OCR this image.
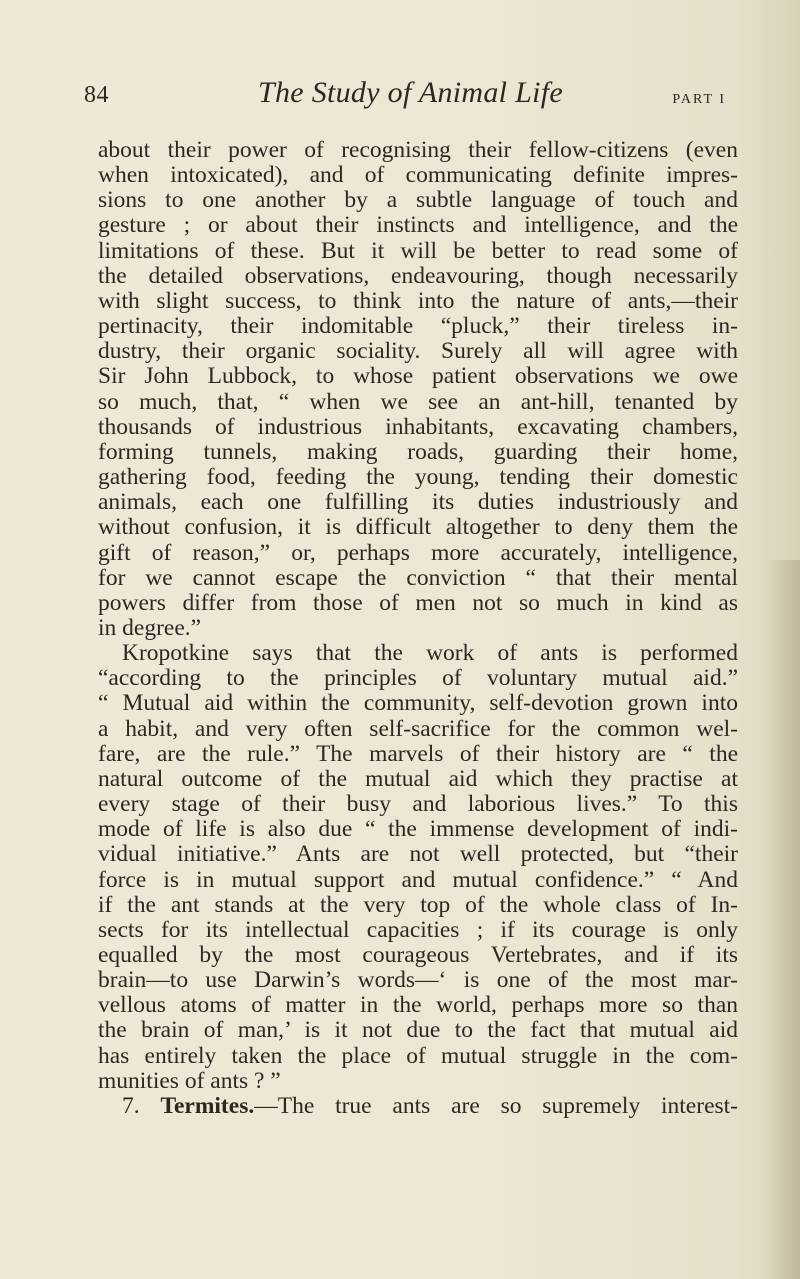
84	The Study of Animal Life	PART I
about their power of recognising their fellow-citizens (even
when intoxicated), and of communicating definite impres-
sions to one another by a subtle language of touch and
gesture ; or about their instincts and intelligence, and the
limitations of these. But it will be better to read some of
the detailed observations, endeavouring, though necessarily
with slight success, to think into the nature of ants,—their
pertinacity, their indomitable “pluck,” their tireless in-
dustry, their organic sociality. Surely all will agree with
Sir John Lubbock, to whose patient observations we owe
so much, that, “ when we see an ant-hill, tenanted by
thousands of industrious inhabitants, excavating chambers,
forming tunnels, making roads, guarding their home,
gathering food, feeding the young, tending their domestic
animals, each one fulfilling its duties industriously and
without confusion, it is difficult altogether to deny them the
gift of reason,” or, perhaps more accurately, intelligence,
for we cannot escape the conviction “ that their mental
powers differ from those of men not so much in kind as
in degree.”
Kropotkine says that the work of ants is performed
“according to the principles of voluntary mutual aid.”
“ Mutual aid within the community, self-devotion grown into
a habit, and very often self-sacrifice for the common wel-
fare, are the rule.” The marvels of their history are “ the
natural outcome of the mutual aid which they practise at
every stage of their busy and laborious lives.” To this
mode of life is also due “ the immense development of indi-
vidual initiative.” Ants are not well protected, but “their
force is in mutual support and mutual confidence.” “ And
if the ant stands at the very top of the whole class of In-
sects for its intellectual capacities ; if its courage is only
equalled by the most courageous Vertebrates, and if its
brain—to use Darwin’s words—‘ is one of the most mar-
vellous atoms of matter in the world, perhaps more so than
the brain of man,’ is it not due to the fact that mutual aid
has entirely taken the place of mutual struggle in the com-
munities of ants ? ”
7. Termites.—The true ants are so supremely interest-
